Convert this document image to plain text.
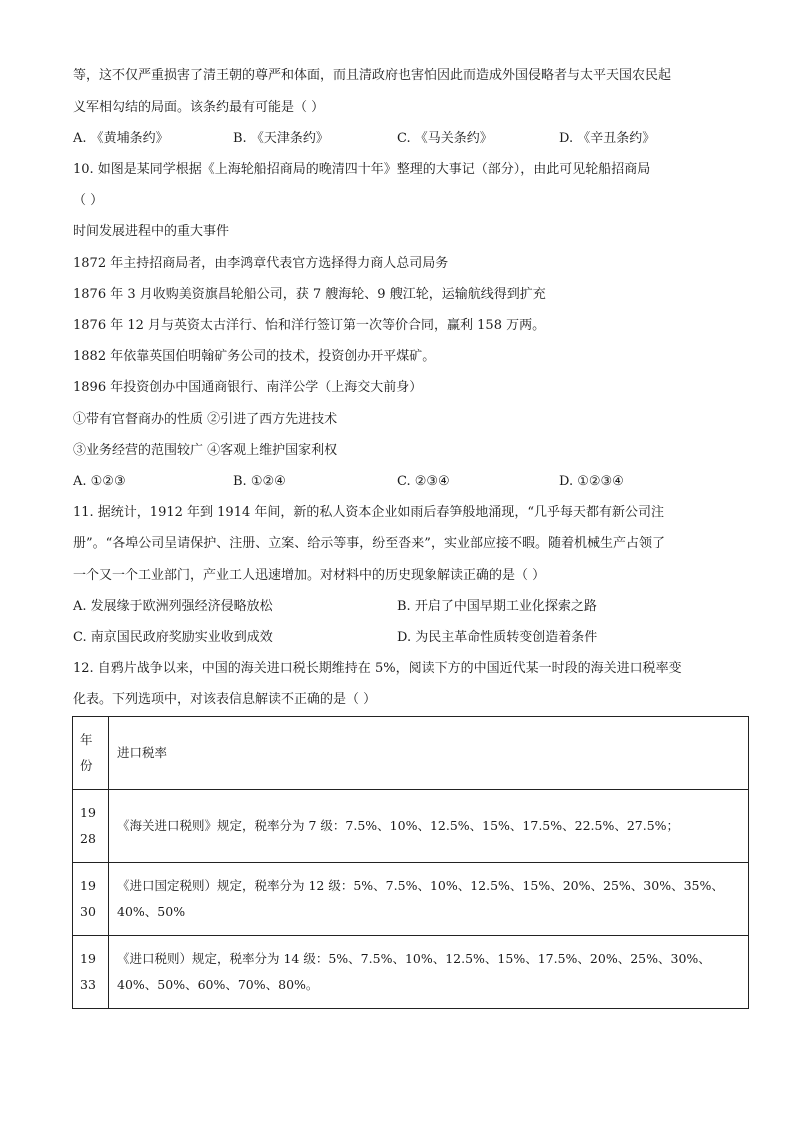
等，这不仅严重损害了清王朝的尊严和体面，而且清政府也害怕因此而造成外国侵略者与太平天国农民起
义军相勾结的局面。该条约最有可能是（ ）
A. 《黄埔条约》	B. 《天津条约》	C. 《马关条约》	D. 《辛丑条约》
10. 如图是某同学根据《上海轮船招商局的晚清四十年》整理的大事记（部分），由此可见轮船招商局
（ ）
时间发展进程中的重大事件
1872 年主持招商局者，由李鸿章代表官方选择得力商人总司局务
1876 年 3 月收购美资旗昌轮船公司，获 7 艘海轮、9 艘江轮，运输航线得到扩充
1876 年 12 月与英资太古洋行、怡和洋行签订第一次等价合同，赢利 158 万两。
1882 年依靠英国伯明翰矿务公司的技术，投资创办开平煤矿。
1896 年投资创办中国通商银行、南洋公学（上海交大前身）
①带有官督商办的性质 ②引进了西方先进技术
③业务经营的范围较广 ④客观上维护国家利权
A. ①②③	B. ①②④	C. ②③④	D. ①②③④
11. 据统计，1912 年到 1914 年间，新的私人资本企业如雨后春笋般地涌现，“几乎每天都有新公司注
册”。“各埠公司呈请保护、注册、立案、给示等事，纷至沓来”，实业部应接不暇。随着机械生产占领了
一个又一个工业部门，产业工人迅速增加。对材料中的历史现象解读正确的是（ ）
A. 发展缘于欧洲列强经济侵略放松	B. 开启了中国早期工业化探索之路
C. 南京国民政府奖励实业收到成效	D. 为民主革命性质转变创造着条件
12. 自鸦片战争以来，中国的海关进口税长期维持在 5%，阅读下方的中国近代某一时段的海关进口税率变
化表。下列选项中，对该表信息解读不正确的是（ ）
年份	进口税率

1928	《海关进口税则》规定，税率分为 7 级：7.5%、10%、12.5%、15%、17.5%、22.5%、27.5%；

1930	《进口国定税则）规定，税率分为 12 级：5%、7.5%、10%、12.5%、15%、20%、25%、30%、35%、
40%、50%

1933	《进口税则）规定，税率分为 14 级：5%、7.5%、10%、12.5%、15%、17.5%、20%、25%、30%、
40%、50%、60%、70%、80%。
